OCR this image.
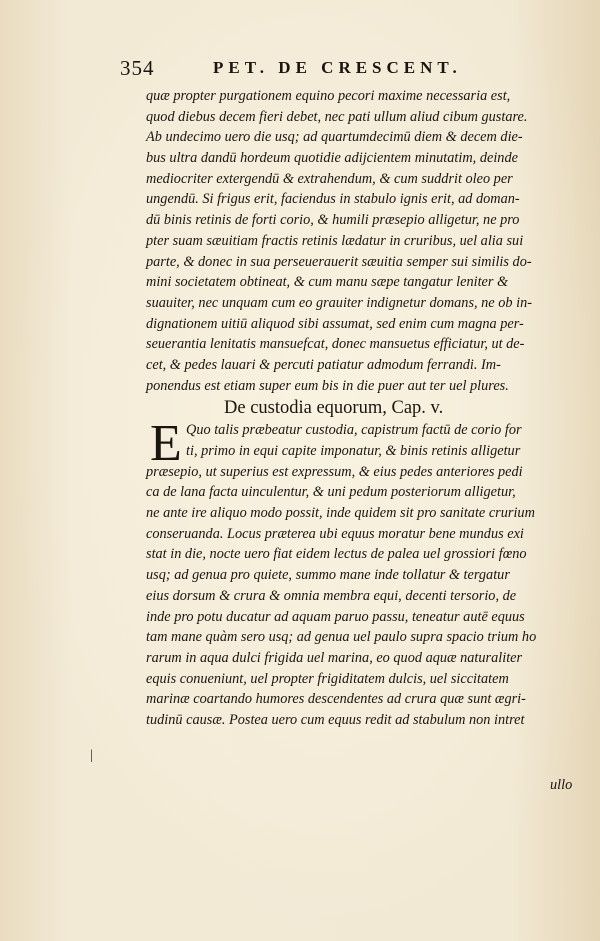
354	PET. DE CRESCENT.
quæ propter purgationem equino pecori maxime necessaria est,
quod diebus decem fieri debet, nec pati ullum aliud cibum gustare.
Ab undecimo uero die usq; ad quartumdecimū diem & decem die-
bus ultra dandū hordeum quotidie adijcientem minutatim, deinde
mediocriter extergendū & extrahendum, & cum suddrit oleo per
ungendū. Si frigus erit, faciendus in stabulo ignis erit, ad doman-
dū binis retinis de forti corio, & humili præsepio alligetur, ne pro
pter suam sæuitiam fractis retinis lædatur in cruribus, uel alia sui
parte, & donec in sua perseuerauerit sæuitia semper sui similis do-
mini societatem obtineat, & cum manu sæpe tangatur leniter &
suauiter, nec unquam cum eo grauiter indignetur domans, ne ob in-
dignationem uitiū aliquod sibi assumat, sed enim cum magna per-
seuerantia lenitatis mansuefcat, donec mansuetus efficiatur, ut de-
cet, & pedes lauari & percuti patiatur admodum ferrandi. Im-
ponendus est etiam super eum bis in die puer aut ter uel plures.
De custodia equorum, Cap. v.
E Quo talis præbeatur custodia, capistrum factū de corio for
ti, primo in equi capite imponatur, & binis retinis alligetur
præsepio, ut superius est expressum, & eius pedes anteriores pedi
ca de lana facta uinculentur, & uni pedum posteriorum alligetur,
ne ante ire aliquo modo possit, inde quidem sit pro sanitate crurium
conseruanda. Locus præterea ubi equus moratur bene mundus exi
stat in die, nocte uero fiat eidem lectus de palea uel grossiori fœno
usq; ad genua pro quiete, summo mane inde tollatur & tergatur
eius dorsum & crura & omnia membra equi, decenti tersorio, de
inde pro potu ducatur ad aquam paruo passu, teneatur autē equus
tam mane quàm sero usq; ad genua uel paulo supra spacio trium ho
rarum in aqua dulci frigida uel marina, eo quod aquæ naturaliter
equis conueniunt, uel propter frigiditatem dulcis, uel siccitatem
marinæ coartando humores descendentes ad crura quæ sunt ægri-
tudinū causæ. Postea uero cum equus redit ad stabulum non intret
|
ullo
